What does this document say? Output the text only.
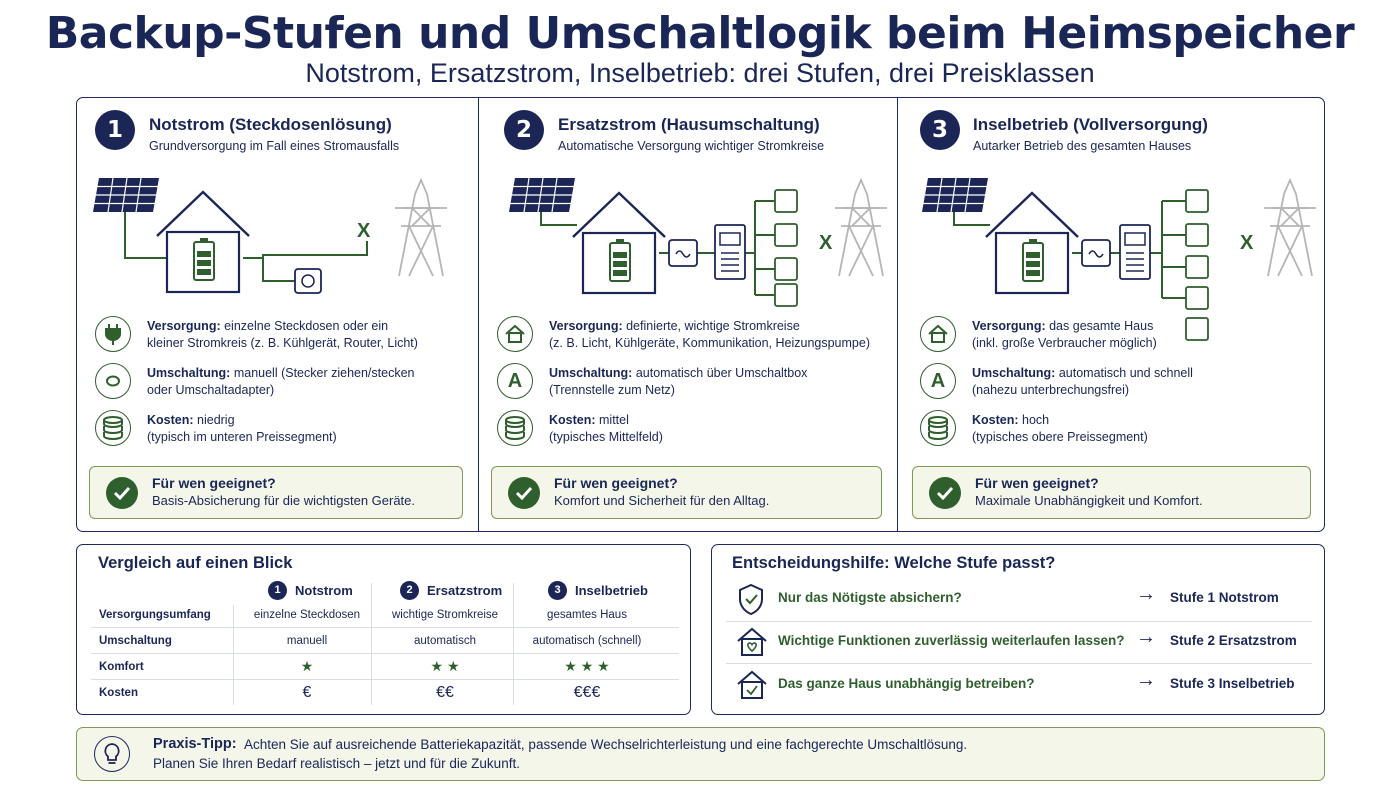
Backup-Stufen und Umschaltlogik beim Heimspeicher
Notstrom, Ersatzstrom, Inselbetrieb: drei Stufen, drei Preisklassen
1	Notstrom (Steckdosenlösung)
Grundversorgung im Fall eines Stromausfalls
X
Versorgung: einzelne Steckdosen oder ein
kleiner Stromkreis (z. B. Kühlgerät, Router, Licht)
Umschaltung: manuell (Stecker ziehen/stecken
oder Umschaltadapter)
Kosten: niedrig
(typisch im unteren Preissegment)
Für wen geeignet?
Basis-Absicherung für die wichtigsten Geräte.
2	Ersatzstrom (Hausumschaltung)
Automatische Versorgung wichtiger Stromkreise
X
Versorgung: definierte, wichtige Stromkreise
(z. B. Licht, Kühlgeräte, Kommunikation, Heizungspumpe)
A	Umschaltung: automatisch über Umschaltbox
(Trennstelle zum Netz)
Kosten: mittel
(typisches Mittelfeld)
Für wen geeignet?
Komfort und Sicherheit für den Alltag.
3	Inselbetrieb (Vollversorgung)
Autarker Betrieb des gesamten Hauses
X
Versorgung: das gesamte Haus
(inkl. große Verbraucher möglich)
A	Umschaltung: automatisch und schnell
(nahezu unterbrechungsfrei)
Kosten: hoch
(typisches obere Preissegment)
Für wen geeignet?
Maximale Unabhängigkeit und Komfort.
Vergleich auf einen Blick
1	Notstrom	2	Ersatzstrom	3	Inselbetrieb
Versorgungsumfang	einzelne Steckdosen	wichtige Stromkreise	gesamtes Haus
Umschaltung	manuell	automatisch	automatisch (schnell)
Komfort	★	★ ★	★ ★ ★
Kosten	€	€€	€€€
Entscheidungshilfe: Welche Stufe passt?
Nur das Nötigste absichern?	→ Stufe 1 Notstrom
Wichtige Funktionen zuverlässig weiterlaufen lassen? → Stufe 2 Ersatzstrom
Das ganze Haus unabhängig betreiben?	→ Stufe 3 Inselbetrieb
Praxis-Tipp: Achten Sie auf ausreichende Batteriekapazität, passende Wechselrichterleistung und eine fachgerechte Umschaltlösung.
Planen Sie Ihren Bedarf realistisch – jetzt und für die Zukunft.
